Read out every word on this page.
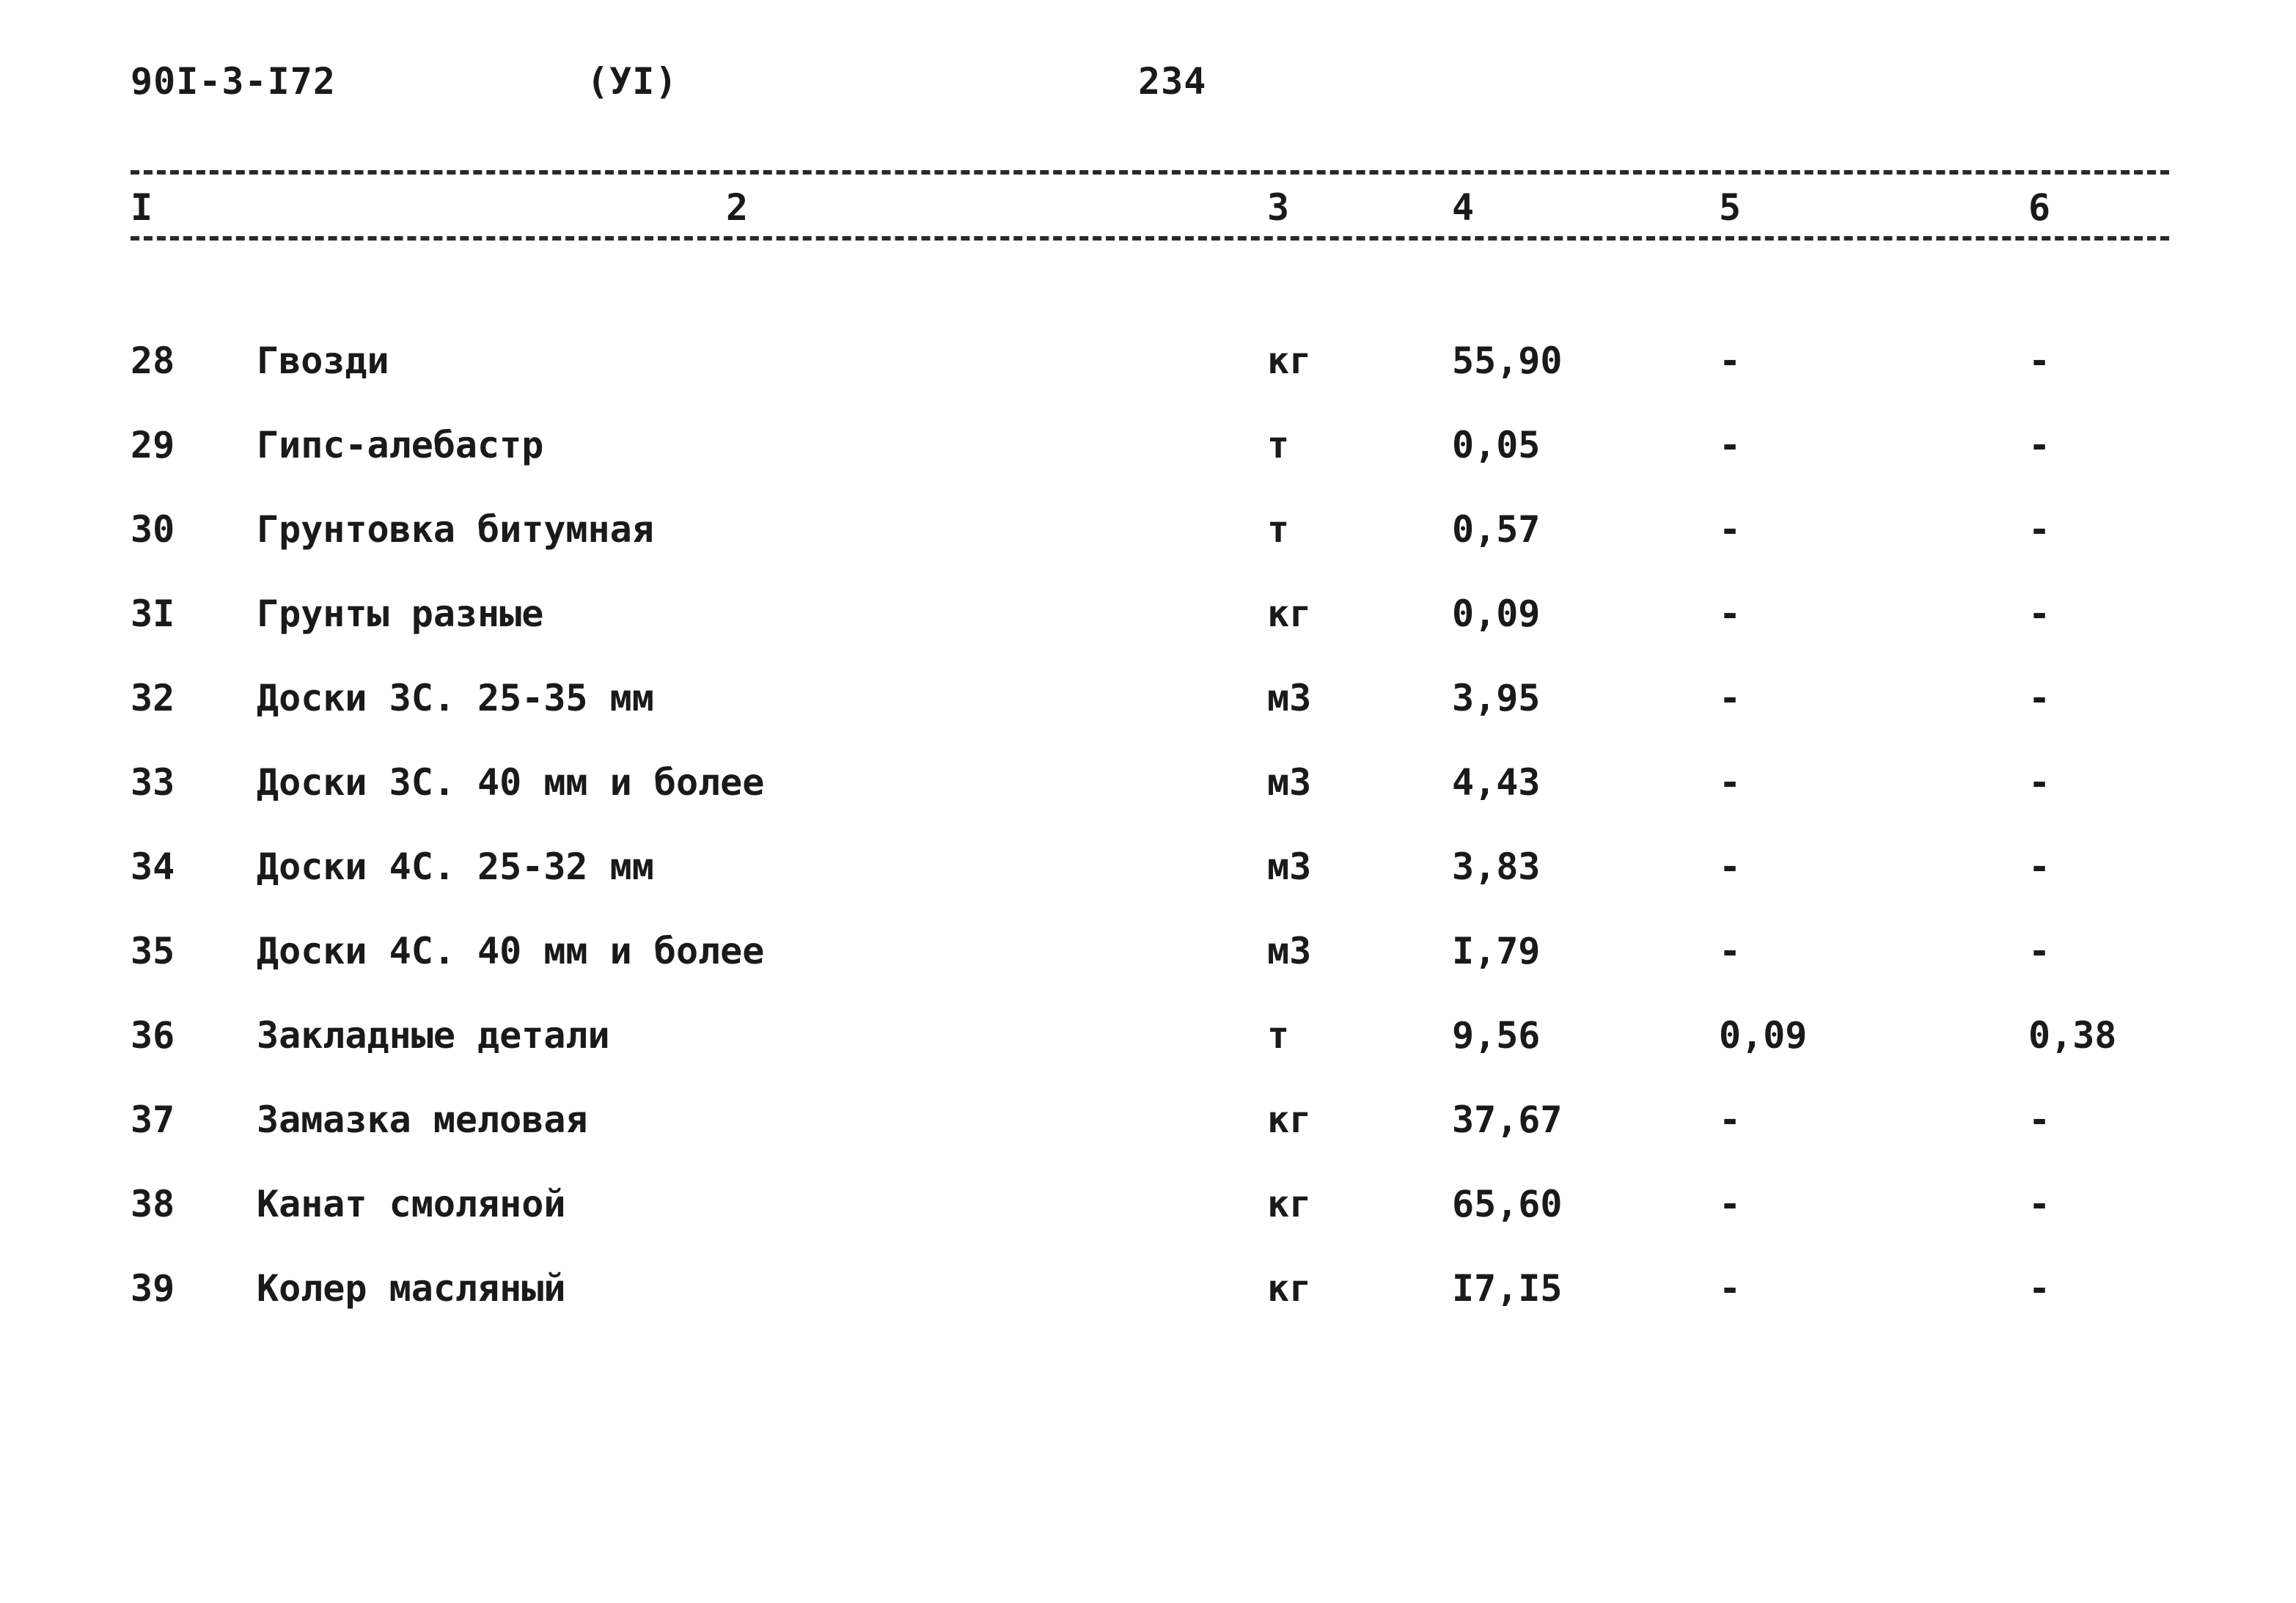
90I-3-I72	(УI)	234
I	2	3	4	5	6
28 Гвозди	кг	55,90	-	-
29 Гипс-алебастр	т	0,05	-	-
30 Грунтовка битумная	т	0,57	-	-
3I Грунты разные	кг	0,09	-	-
32 Доски 3С. 25-35 мм	м3	3,95	-	-
33 Доски 3С. 40 мм и более	м3	4,43	-	-
34 Доски 4С. 25-32 мм	м3	3,83	-	-
35 Доски 4С. 40 мм и более	м3	I,79	-	-
36 Закладные детали	т	9,56	0,09	0,38
37 Замазка меловая	кг	37,67	-	-
38 Канат смоляной	кг	65,60	-	-
39 Колер масляный	кг	I7,I5	-	-
